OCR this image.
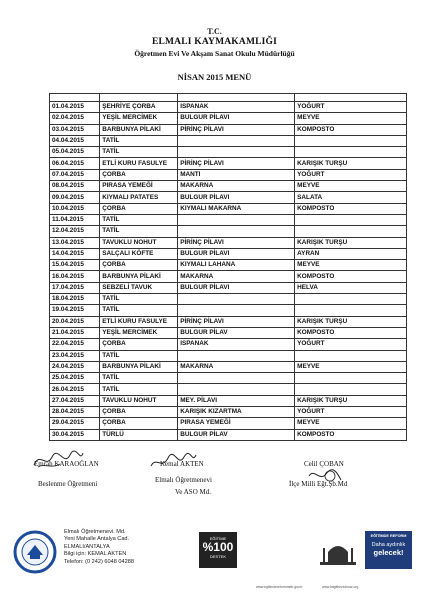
T.C.
ELMALI KAYMAKAMLIĞI
Öğretmen Evi Ve Akşam Sanat Okulu Müdürlüğü
NİSAN 2015 MENÜ

01.04.2015	ŞEHRİYE ÇORBA	ISPANAK	YOĞURT
02.04.2015	YEŞİL MERCİMEK	BULGUR PİLAVI	MEYVE
03.04.2015	BARBUNYA PİLAKİ	PİRİNÇ PİLAVI	KOMPOSTO
04.04.2015	TATİL		
05.04.2015	TATİL		
06.04.2015	ETLİ KURU FASULYE	PİRİNÇ PİLAVI	KARIŞIK TURŞU
07.04.2015	ÇORBA	MANTI	YOĞURT
08.04.2015	PIRASA YEMEĞİ	MAKARNA	MEYVE
09.04.2015	KIYMALI PATATES	BULGUR PİLAVI	SALATA
10.04.2015	ÇORBA	KIYMALI MAKARNA	KOMPOSTO
11.04.2015	TATİL		
12.04.2015	TATİL		
13.04.2015	TAVUKLU NOHUT	PİRİNÇ PİLAVI	KARIŞIK TURŞU
14.04.2015	SALÇALI KÖFTE	BULGUR PİLAVI	AYRAN
15.04.2015	ÇORBA	KIYMALI LAHANA	MEYVE
16.04.2015	BARBUNYA PİLAKİ	MAKARNA	KOMPOSTO
17.04.2015	SEBZELİ TAVUK	BULGUR PİLAVI	HELVA
18.04.2015	TATİL		
19.04.2015	TATİL		
20.04.2015	ETLİ KURU FASULYE	PİRİNÇ PİLAVI	KARIŞIK TURŞU
21.04.2015	YEŞİL MERCİMEK	BULGUR PİLAV	KOMPOSTO
22.04.2015	ÇORBA	ISPANAK	YOĞURT
23.04.2015	TATİL		
24.04.2015	BARBUNYA PİLAKİ	MAKARNA	MEYVE
25.04.2015	TATİL		
26.04.2015	TATİL		
27.04.2015	TAVUKLU NOHUT	MEY. PİLAVI	KARIŞIK TURŞU
28.04.2015	ÇORBA	KARIŞIK KIZARTMA	YOĞURT
29.04.2015	ÇORBA	PIRASA YEMEĞİ	MEYVE
30.04.2015	TÜRLÜ	BULGUR PİLAV	KOMPOSTO
Emrah KARAOĞLAN
Beslenme Öğretmeni
Kemal AKTEN
Elmalı Öğretmenevi
Ve ASO Md.
Celil ÇOBAN
İlçe Milli Eğt.Şb.Md
Elmalı Öğretmenevi. Md.
Yeni Mahalle Antalya Cad.
ELMALI/ANTALYA
Bilgi için: KEMAL AKTEN
Telefon: (0 242) 6048 04288
EĞİTİME
%100
DESTEK
EĞİTİMDE REFORM
Daha aydınlık
gelecek!
www.egitimdereformmeb.gov.tr	www.kagitbeziolmaz.org
